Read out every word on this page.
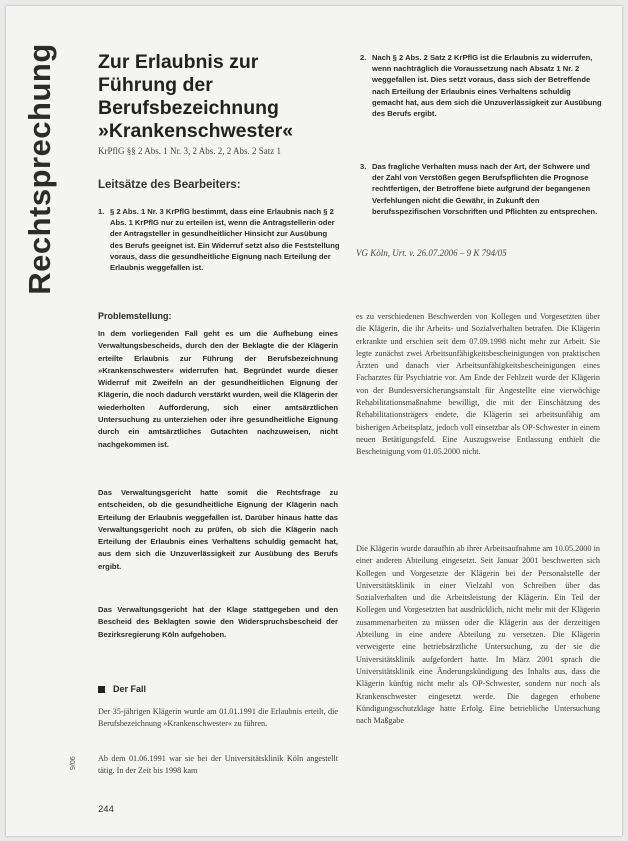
Rechtsprechung Zur Erlaubnis zur Führung der Berufsbezeichnung »Krankenschwester«
KrPflG §§ 2 Abs. 1 Nr. 3, 2 Abs. 2, 2 Abs. 2 Satz 1
Leitsätze des Bearbeiters:

1. § 2 Abs. 1 Nr. 3 KrPflG bestimmt, dass eine Erlaubnis nach § 2 Abs. 1 KrPflG nur zu erteilen ist, wenn die Antragstellerin oder der Antragsteller in gesundheitlicher Hinsicht zur Ausübung des Berufs geeignet ist. Ein Widerruf setzt also die Feststellung voraus, dass die gesundheitliche Eignung nach Erteilung der Erlaubnis weggefallen ist.

2. Nach § 2 Abs. 2 Satz 2 KrPflG ist die Erlaubnis zu widerrufen, wenn nachträglich die Voraussetzung nach Absatz 1 Nr. 2 weggefallen ist. Dies setzt voraus, dass sich der Betreffende nach Erteilung der Erlaubnis eines Verhaltens schuldig gemacht hat, aus dem sich die Unzuverlässigkeit zur Ausübung des Berufs ergibt.

3. Das fragliche Verhalten muss nach der Art, der Schwere und der Zahl von Verstößen gegen Berufspflichten die Prognose rechtfertigen, der Betroffene biete aufgrund der begangenen Verfehlungen nicht die Gewähr, in Zukunft den berufsspezifischen Vorschriften und Pflichten zu entsprechen.

VG Köln, Urt. v. 26.07.2006 – 9 K 794/05
Problemstellung:

In dem vorliegenden Fall geht es um die Aufhebung eines Verwaltungsbescheids, durch den der Beklagte die der Klägerin erteilte Erlaubnis zur Führung der Berufsbezeichnung »Krankenschwester« widerrufen hat. Begründet wurde dieser Widerruf mit Zweifeln an der gesundheitlichen Eignung der Klägerin, die noch dadurch verstärkt wurden, weil die Klägerin der wiederholten Aufforderung, sich einer amtsärztlichen Untersuchung zu unterziehen oder ihre gesundheitliche Eignung durch ein amtsärztliches Gutachten nachzuweisen, nicht nachgekommen ist.

Das Verwaltungsgericht hatte somit die Rechtsfrage zu entscheiden, ob die gesundheitliche Eignung der Klägerin nach Erteilung der Erlaubnis weggefallen ist. Darüber hinaus hatte das Verwaltungsgericht noch zu prüfen, ob sich die Klägerin nach Erteilung der Erlaubnis eines Verhaltens schuldig gemacht hat, aus dem sich die Unzuverlässigkeit zur Ausübung des Berufs ergibt.

Das Verwaltungsgericht hat der Klage stattgegeben und den Bescheid des Beklagten sowie den Widerspruchsbescheid der Bezirksregierung Köln aufgehoben.

Der Fall

Der 35-jährigen Klägerin wurde am 01.01.1991 die Erlaubnis erteilt, die Berufsbezeichnung »Krankenschwester« zu führen.

Ab dem 01.06.1991 war sie bei der Universitätsklinik Köln angestellt tätig. In der Zeit bis 1998 kam

es zu verschiedenen Beschwerden von Kollegen und Vorgesetzten über die Klägerin, die ihr Arbeits- und Sozialverhalten betrafen. Die Klägerin erkrankte und erschien seit dem 07.09.1998 nicht mehr zur Arbeit. Sie legte zunächst zwei Arbeitsunfähigkeitsbescheinigungen von praktischen Ärzten und danach vier Arbeitsunfähigkeitsbescheinigungen eines Facharztes für Psychiatrie vor. Am Ende der Fehlzeit wurde der Klägerin von der Bundesversicherungsanstalt für Angestellte eine vierwöchige Rehabilitationsmaßnahme bewilligt, die mit der Einschätzung des Rehabilitationsträgers endete, die Klägerin sei arbeitsunfähig am bisherigen Arbeitsplatz, jedoch voll einsetzbar als OP-Schwester in einem neuen Betätigungsfeld. Eine Auszugsweise Entlassung enthielt die Bescheinigung vom 01.05.2000 nicht.

Die Klägerin wurde daraufhin ab ihrer Arbeitsaufnahme am 10.05.2000 in einer anderen Abteilung eingesetzt. Seit Januar 2001 beschwerten sich Kollegen und Vorgesetzte der Klägerin bei der Personalstelle der Universitätsklinik in einer Vielzahl von Schreiben über das Sozialverhalten und die Arbeitsleistung der Klägerin. Ein Teil der Kollegen und Vorgesetzten hat ausdrücklich, nicht mehr mit der Klägerin zusammenarbeiten zu müssen oder die Klägerin aus der derzeitigen Abteilung in eine andere Abteilung zu versetzen. Die Klägerin verweigerte eine betriebsärztliche Untersuchung, zu der sie die Universitätsklinik aufgefordert hatte. Im März 2001 sprach die Universitätsklinik eine Änderungskündigung des Inhalts aus, dass die Klägerin künftig nicht mehr als OP-Schwester, sondern nur noch als Krankenschwester eingesetzt werde. Die dagegen erhobene Kündigungsschutzklage hatte Erfolg. Eine betriebliche Untersuchung nach Maßgabe

9/06
244
